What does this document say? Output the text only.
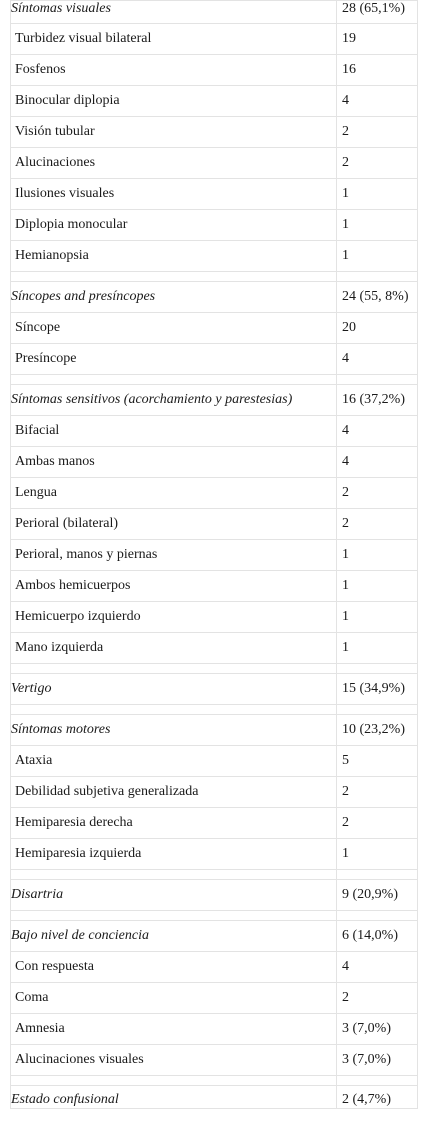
Síntomas visuales	28 (65,1%)
Turbidez visual bilateral	19
Fosfenos	16
Binocular diplopia	4
Visión tubular	2
Alucinaciones	2
Ilusiones visuales	1
Diplopia monocular	1
Hemianopsia	1

Síncopes and presíncopes	24 (55, 8%)
Síncope	20
Presíncope	4

Síntomas sensitivos (acorchamiento y parestesias)	16 (37,2%)
Bifacial	4
Ambas manos	4
Lengua	2
Perioral (bilateral)	2
Perioral, manos y piernas	1
Ambos hemicuerpos	1
Hemicuerpo izquierdo	1
Mano izquierda	1

Vertigo	15 (34,9%)

Síntomas motores	10 (23,2%)
Ataxia	5
Debilidad subjetiva generalizada	2
Hemiparesia derecha	2
Hemiparesia izquierda	1

Disartria	9 (20,9%)

Bajo nivel de conciencia	6 (14,0%)
Con respuesta	4
Coma	2
Amnesia	3 (7,0%)
Alucinaciones visuales	3 (7,0%)

Estado confusional	2 (4,7%)
